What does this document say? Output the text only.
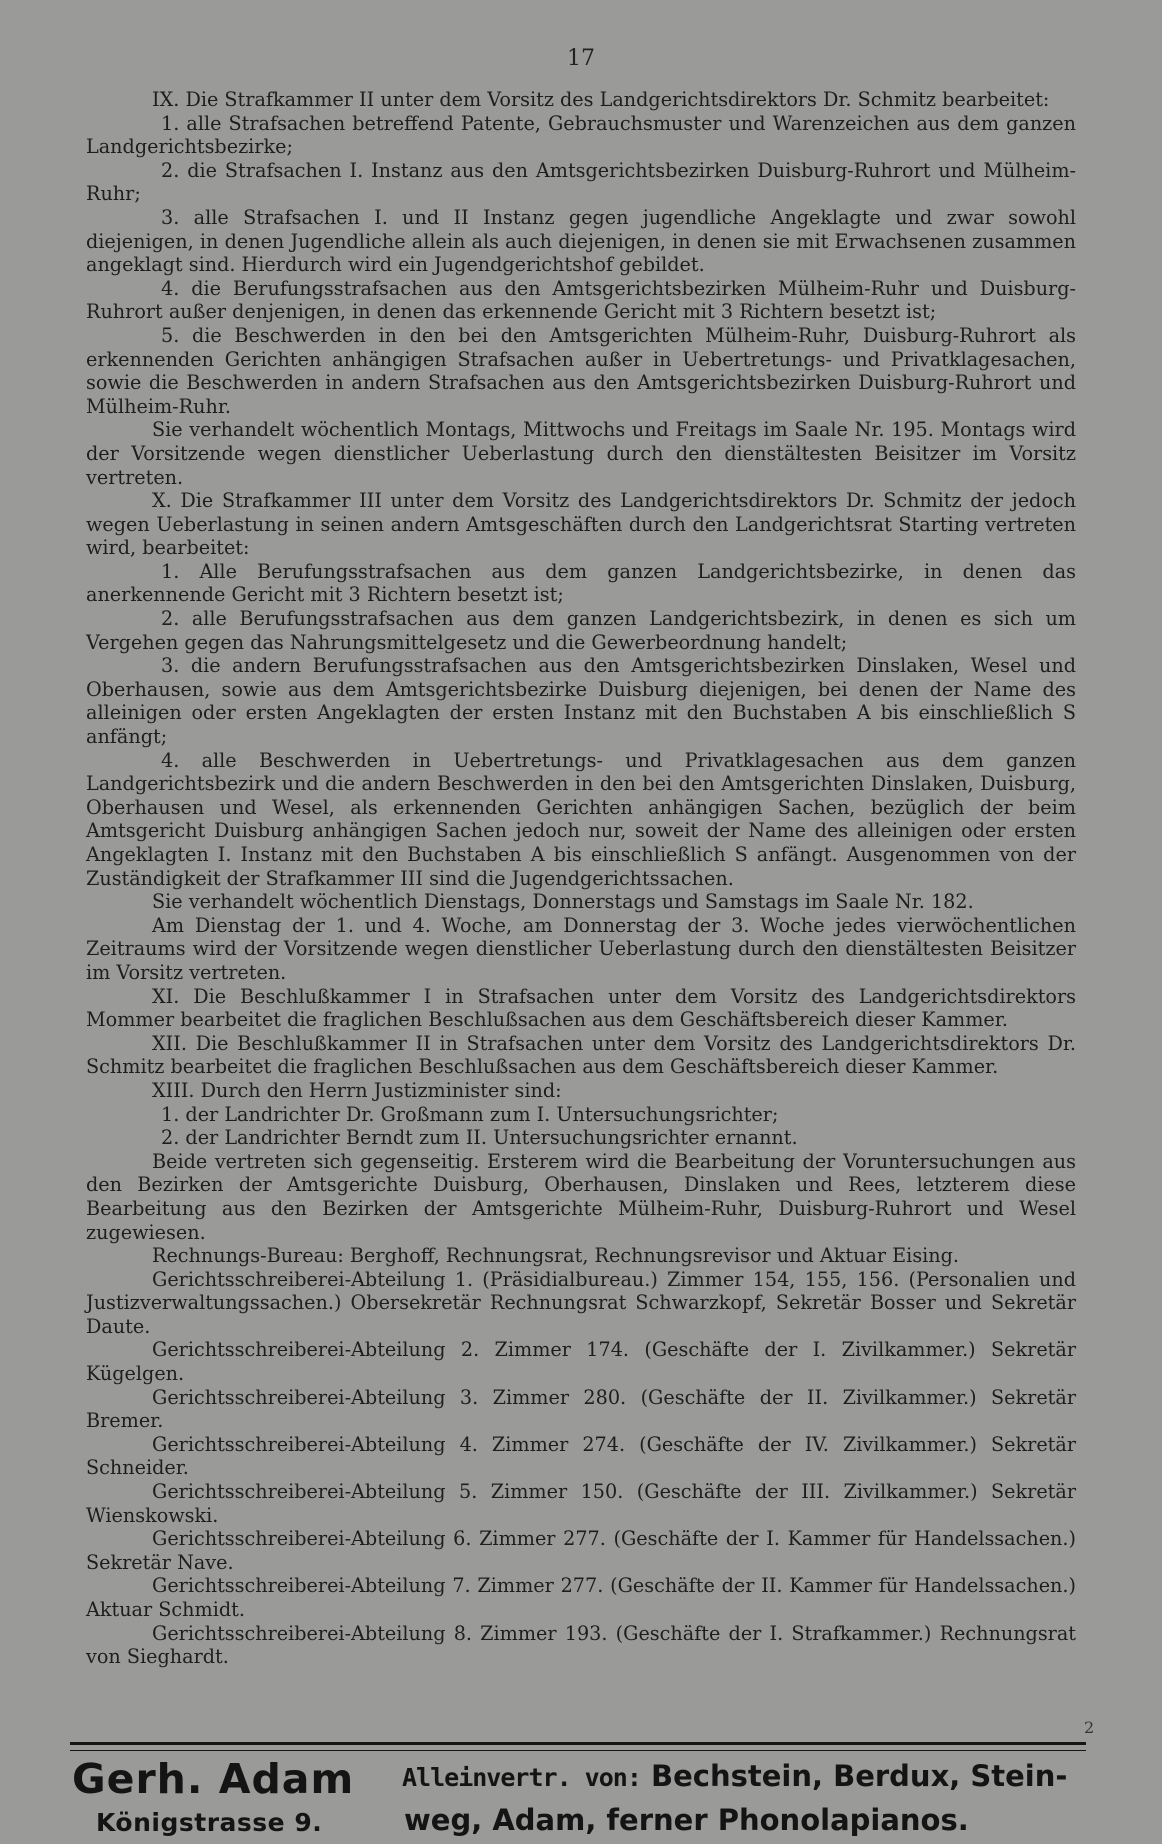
17

IX. Die Strafkammer II unter dem Vorsitz des Landgerichtsdirektors Dr. Schmitz bearbeitet:

1. alle Strafsachen betreffend Patente, Gebrauchsmuster und Warenzeichen aus dem ganzen Landgerichtsbezirke;

2. die Strafsachen I. Instanz aus den Amtsgerichtsbezirken Duisburg-Ruhrort und Mülheim-Ruhr;

3. alle Strafsachen I. und II Instanz gegen jugendliche Angeklagte und zwar sowohl diejenigen, in denen Jugendliche allein als auch diejenigen, in denen sie mit Erwachsenen zusammen angeklagt sind. Hierdurch wird ein Jugendgerichtshof gebildet.

4. die Berufungsstrafsachen aus den Amtsgerichtsbezirken Mülheim-Ruhr und Duisburg-Ruhrort außer denjenigen, in denen das erkennende Gericht mit 3 Richtern besetzt ist;

5. die Beschwerden in den bei den Amtsgerichten Mülheim-Ruhr, Duisburg-Ruhrort als erkennenden Gerichten anhängigen Strafsachen außer in Uebertretungs- und Privatklagesachen, sowie die Beschwerden in andern Strafsachen aus den Amtsgerichtsbezirken Duisburg-Ruhrort und Mülheim-Ruhr.

Sie verhandelt wöchentlich Montags, Mittwochs und Freitags im Saale Nr. 195. Montags wird der Vorsitzende wegen dienstlicher Ueberlastung durch den dienstältesten Beisitzer im Vorsitz vertreten.

X. Die Strafkammer III unter dem Vorsitz des Landgerichtsdirektors Dr. Schmitz der jedoch wegen Ueberlastung in seinen andern Amtsgeschäften durch den Landgerichtsrat Starting vertreten wird, bearbeitet:

1. Alle Berufungsstrafsachen aus dem ganzen Landgerichtsbezirke, in denen das anerkennende Gericht mit 3 Richtern besetzt ist;

2. alle Berufungsstrafsachen aus dem ganzen Landgerichtsbezirk, in denen es sich um Vergehen gegen das Nahrungsmittelgesetz und die Gewerbeordnung handelt;

3. die andern Berufungsstrafsachen aus den Amtsgerichtsbezirken Dinslaken, Wesel und Oberhausen, sowie aus dem Amtsgerichtsbezirke Duisburg diejenigen, bei denen der Name des alleinigen oder ersten Angeklagten der ersten Instanz mit den Buchstaben A bis einschließlich S anfängt;

4. alle Beschwerden in Uebertretungs- und Privatklagesachen aus dem ganzen Landgerichtsbezirk und die andern Beschwerden in den bei den Amtsgerichten Dinslaken, Duisburg, Oberhausen und Wesel, als erkennenden Gerichten anhängigen Sachen, bezüglich der beim Amtsgericht Duisburg anhängigen Sachen jedoch nur, soweit der Name des alleinigen oder ersten Angeklagten I. Instanz mit den Buchstaben A bis einschließlich S anfängt. Ausgenommen von der Zuständigkeit der Strafkammer III sind die Jugendgerichtssachen.

Sie verhandelt wöchentlich Dienstags, Donnerstags und Samstags im Saale Nr. 182.

Am Dienstag der 1. und 4. Woche, am Donnerstag der 3. Woche jedes vierwöchentlichen Zeitraums wird der Vorsitzende wegen dienstlicher Ueberlastung durch den dienstältesten Beisitzer im Vorsitz vertreten.

XI. Die Beschlußkammer I in Strafsachen unter dem Vorsitz des Landgerichtsdirektors Mommer bearbeitet die fraglichen Beschlußsachen aus dem Geschäftsbereich dieser Kammer.

XII. Die Beschlußkammer II in Strafsachen unter dem Vorsitz des Landgerichtsdirektors Dr. Schmitz bearbeitet die fraglichen Beschlußsachen aus dem Geschäftsbereich dieser Kammer.

XIII. Durch den Herrn Justizminister sind:

1. der Landrichter Dr. Großmann zum I. Untersuchungsrichter;

2. der Landrichter Berndt zum II. Untersuchungsrichter ernannt.

Beide vertreten sich gegenseitig. Ersterem wird die Bearbeitung der Voruntersuchungen aus den Bezirken der Amtsgerichte Duisburg, Oberhausen, Dinslaken und Rees, letzterem diese Bearbeitung aus den Bezirken der Amtsgerichte Mülheim-Ruhr, Duisburg-Ruhrort und Wesel zugewiesen.

Rechnungs-Bureau: Berghoff, Rechnungsrat, Rechnungsrevisor und Aktuar Eising.

Gerichtsschreiberei-Abteilung 1. (Präsidialbureau.) Zimmer 154, 155, 156. (Personalien und Justizverwaltungssachen.) Obersekretär Rechnungsrat Schwarzkopf, Sekretär Bosser und Sekretär Daute.

Gerichtsschreiberei-Abteilung 2. Zimmer 174. (Geschäfte der I. Zivilkammer.) Sekretär Kügelgen.

Gerichtsschreiberei-Abteilung 3. Zimmer 280. (Geschäfte der II. Zivilkammer.) Sekretär Bremer.

Gerichtsschreiberei-Abteilung 4. Zimmer 274. (Geschäfte der IV. Zivilkammer.) Sekretär Schneider.

Gerichtsschreiberei-Abteilung 5. Zimmer 150. (Geschäfte der III. Zivilkammer.) Sekretär Wienskowski.

Gerichtsschreiberei-Abteilung 6. Zimmer 277. (Geschäfte der I. Kammer für Handelssachen.) Sekretär Nave.

Gerichtsschreiberei-Abteilung 7. Zimmer 277. (Geschäfte der II. Kammer für Handelssachen.) Aktuar Schmidt.

Gerichtsschreiberei-Abteilung 8. Zimmer 193. (Geschäfte der I. Strafkammer.) Rechnungsrat von Sieghardt.

2
Gerh. Adam
Königstrasse 9.
Alleinvertr. von: Bechstein, Berdux, Stein-
weg, Adam, ferner Phonolapianos.
